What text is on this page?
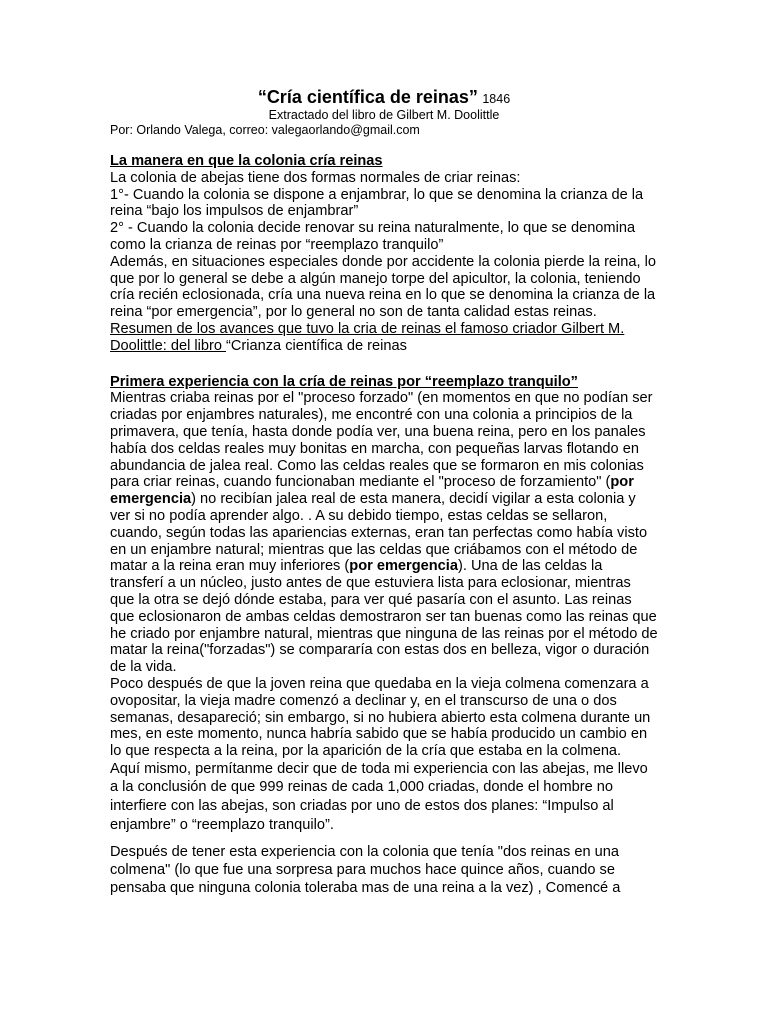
“Cría científica de reinas” 1846
Extractado del libro de Gilbert M. Doolittle
Por: Orlando Valega, correo: valegaorlando@gmail.com

La manera en que la colonia cría reinas

La colonia de abejas tiene dos formas normales de criar reinas:

1°- Cuando la colonia se dispone a enjambrar, lo que se denomina la crianza de la reina “bajo los impulsos de enjambrar”

2° - Cuando la colonia decide renovar su reina naturalmente, lo que se denomina como la crianza de reinas por “reemplazo tranquilo”

Además, en situaciones especiales donde por accidente la colonia pierde la reina, lo que por lo general se debe a algún manejo torpe del apicultor, la colonia, teniendo cría recién eclosionada, cría una nueva reina en lo que se denomina la crianza de la reina “por emergencia”, por lo general no son de tanta calidad estas reinas.

Resumen de los avances que tuvo la cria de reinas el famoso criador Gilbert M. Doolittle: del libro “Crianza científica de reinas

Primera experiencia con la cría de reinas por “reemplazo tranquilo”

Mientras criaba reinas por el "proceso forzado" (en momentos en que no podían ser criadas por enjambres naturales), me encontré con una colonia a principios de la primavera, que tenía, hasta donde podía ver, una buena reina, pero en los panales había dos celdas reales muy bonitas en marcha, con pequeñas larvas flotando en abundancia de jalea real. Como las celdas reales que se formaron en mis colonias para criar reinas, cuando funcionaban mediante el "proceso de forzamiento" (por emergencia) no recibían jalea real de esta manera, decidí vigilar a esta colonia y ver si no podía aprender algo. . A su debido tiempo, estas celdas se sellaron, cuando, según todas las apariencias externas, eran tan perfectas como había visto en un enjambre natural; mientras que las celdas que criábamos con el método de matar a la reina eran muy inferiores (por emergencia). Una de las celdas la transferí a un núcleo, justo antes de que estuviera lista para eclosionar, mientras que la otra se dejó dónde estaba, para ver qué pasaría con el asunto. Las reinas que eclosionaron de ambas celdas demostraron ser tan buenas como las reinas que he criado por enjambre natural, mientras que ninguna de las reinas por el método de matar la reina("forzadas") se compararía con estas dos en belleza, vigor o duración de la vida.

Poco después de que la joven reina que quedaba en la vieja colmena comenzara a ovopositar, la vieja madre comenzó a declinar y, en el transcurso de una o dos semanas, desapareció; sin embargo, si no hubiera abierto esta colmena durante un mes, en este momento, nunca habría sabido que se había producido un cambio en lo que respecta a la reina, por la aparición de la cría que estaba en la colmena.

Aquí mismo, permítanme decir que de toda mi experiencia con las abejas, me llevo a la conclusión de que 999 reinas de cada 1,000 criadas, donde el hombre no interfiere con las abejas, son criadas por uno de estos dos planes: “Impulso al enjambre” o “reemplazo tranquilo”.

Después de tener esta experiencia con la colonia que tenía "dos reinas en una colmena" (lo que fue una sorpresa para muchos hace quince años, cuando se pensaba que ninguna colonia toleraba mas de una reina a la vez) , Comencé a
